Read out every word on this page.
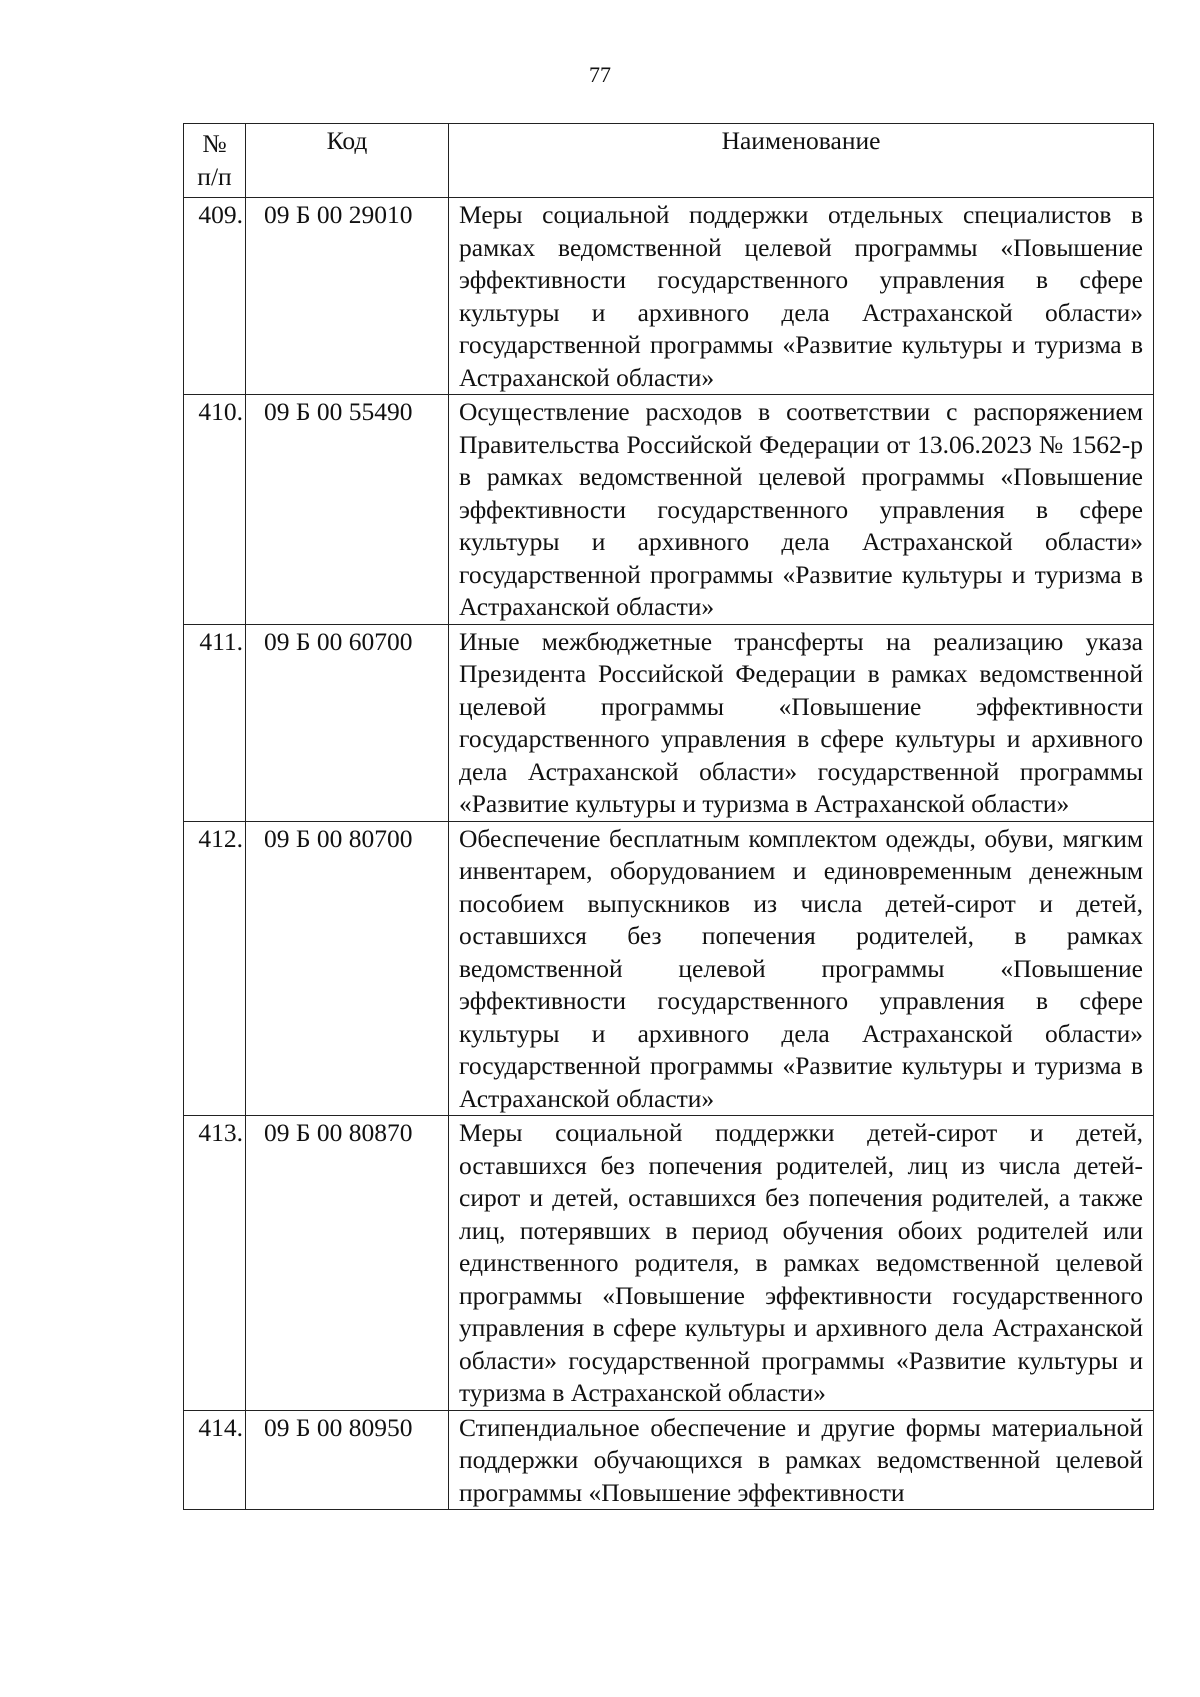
77
№
п/п	Код	Наименование
409.	09 Б 00 29010	Меры социальной поддержки отдельных специалистов в рамках ведомственной целевой программы «Повышение эффективности государственного управления в сфере культуры и архивного дела Астраханской области» государственной программы «Развитие культуры и туризма в Астраханской области»
410.	09 Б 00 55490	Осуществление расходов в соответствии с распоряжением Правительства Российской Федерации от 13.06.2023 № 1562-р в рамках ведомственной целевой программы «Повышение эффективности государственного управления в сфере культуры и архивного дела Астраханской области» государственной программы «Развитие культуры и туризма в Астраханской области»
411.	09 Б 00 60700	Иные межбюджетные трансферты на реализацию указа Президента Российской Федерации в рамках ведомственной целевой программы «Повышение эффективности государственного управления в сфере культуры и архивного дела Астраханской области» государственной программы «Развитие культуры и туризма в Астраханской области»
412.	09 Б 00 80700	Обеспечение бесплатным комплектом одежды, обуви, мягким инвентарем, оборудованием и единовременным денежным пособием выпускников из числа детей-сирот и детей, оставшихся без попечения родителей, в рамках ведомственной целевой программы «Повышение эффективности государственного управления в сфере культуры и архивного дела Астраханской области» государственной программы «Развитие культуры и туризма в Астраханской области»
413.	09 Б 00 80870	Меры социальной поддержки детей-сирот и детей, оставшихся без попечения родителей, лиц из числа детей-сирот и детей, оставшихся без попечения родителей, а также лиц, потерявших в период обучения обоих родителей или единственного родителя, в рамках ведомственной целевой программы «Повышение эффективности государственного управления в сфере культуры и архивного дела Астраханской области» государственной программы «Развитие культуры и туризма в Астраханской области»
414.	09 Б 00 80950	Стипендиальное обеспечение и другие формы материальной поддержки обучающихся в рамках ведомственной целевой программы «Повышение эффективности
